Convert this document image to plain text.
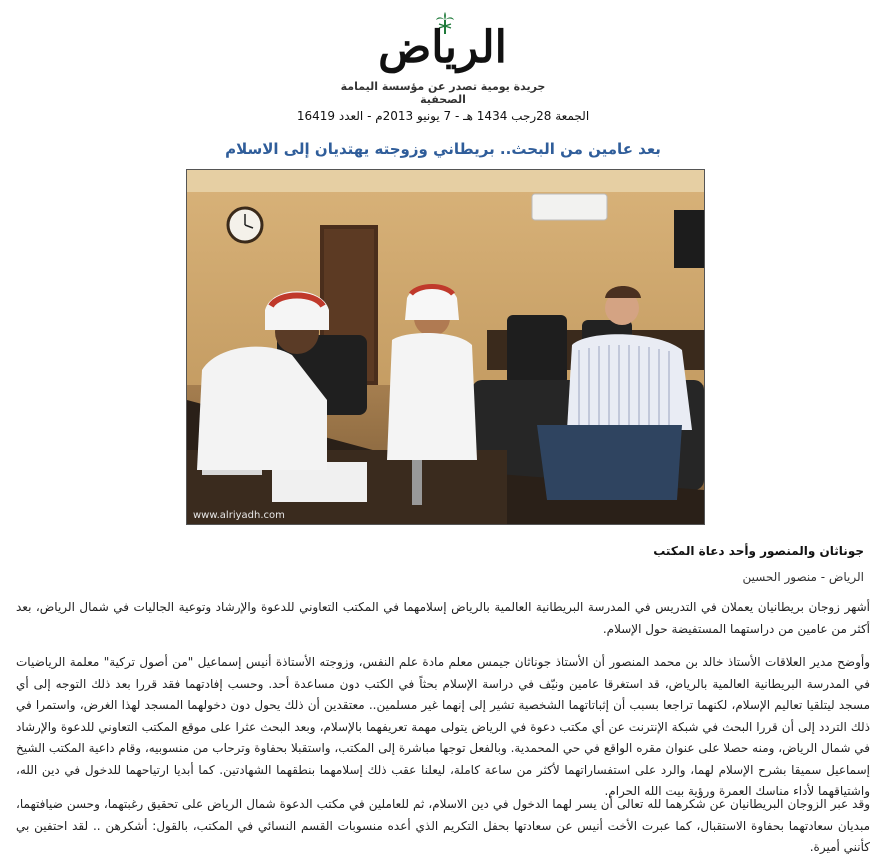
الرياض
جريدة يومية تصدر عن مؤسسة اليمامة الصحفية
الجمعة 28رجب 1434 هـ - 7 يونيو 2013م - العدد 16419
بعد عامين من البحث.. بريطاني وزوجته يهتديان إلى الاسلام
www.alriyadh.com
جوناثان والمنصور وأحد دعاة المكتب
الرياض - منصور الحسين
أشهر زوجان بريطانيان يعملان في التدريس في المدرسة البريطانية العالمية بالرياض إسلامهما في المكتب التعاوني للدعوة والإرشاد وتوعية الجاليات في شمال الرياض، بعد أكثر من عامين من دراستهما المستفيضة حول الإسلام.
وأوضح مدير العلاقات الأستاذ خالد بن محمد المنصور أن الأستاذ جوناثان جيمس معلم مادة علم النفس، وزوجته الأستاذة أنيس إسماعيل "من أصول تركية" معلمة الرياضيات في المدرسة البريطانية العالمية بالرياض، قد استغرقا عامين ونيّف في دراسة الإسلام بحثاً في الكتب دون مساعدة أحد. وحسب إفادتهما فقد قررا بعد ذلك التوجه إلى أي مسجد ليتلقيا تعاليم الإسلام، لكنهما تراجعا بسبب أن إثباتاتهما الشخصية تشير إلى إنهما غير مسلمين.. معتقدين أن ذلك يحول دون دخولهما المسجد لهذا الغرض، واستمرا في ذلك التردد إلى أن قررا البحث في شبكة الإنترنت عن أي مكتب دعوة في الرياض يتولى مهمة تعريفهما بالإسلام، وبعد البحث عثرا على موقع المكتب التعاوني للدعوة والإرشاد في شمال الرياض، ومنه حصلا على عنوان مقره الواقع في حي المحمدية. وبالفعل توجها مباشرة إلى المكتب، واستقبلا بحفاوة وترحاب من منسوبيه، وقام داعية المكتب الشيخ إسماعيل سميقا بشرح الإسلام لهما، والرد على استفساراتهما لأكثر من ساعة كاملة، ليعلنا عقب ذلك إسلامهما بنطقهما الشهادتين. كما أبديا ارتياحهما للدخول في دين الله، واشتياقهما لأداء مناسك العمرة ورؤية بيت الله الحرام.
وقد عبر الزوجان البريطانيان عن شكرهما لله تعالى أن يسر لهما الدخول في دين الاسلام، ثم للعاملين في مكتب الدعوة شمال الرياض على تحقيق رغبتهما، وحسن ضيافتهما، مبديان سعادتهما بحفاوة الاستقبال، كما عبرت الأخت أنيس عن سعادتها بحفل التكريم الذي أعده منسوبات القسم النسائي في المكتب، بالقول: أشكرهن .. لقد احتفين بي كأنني أميرة.
